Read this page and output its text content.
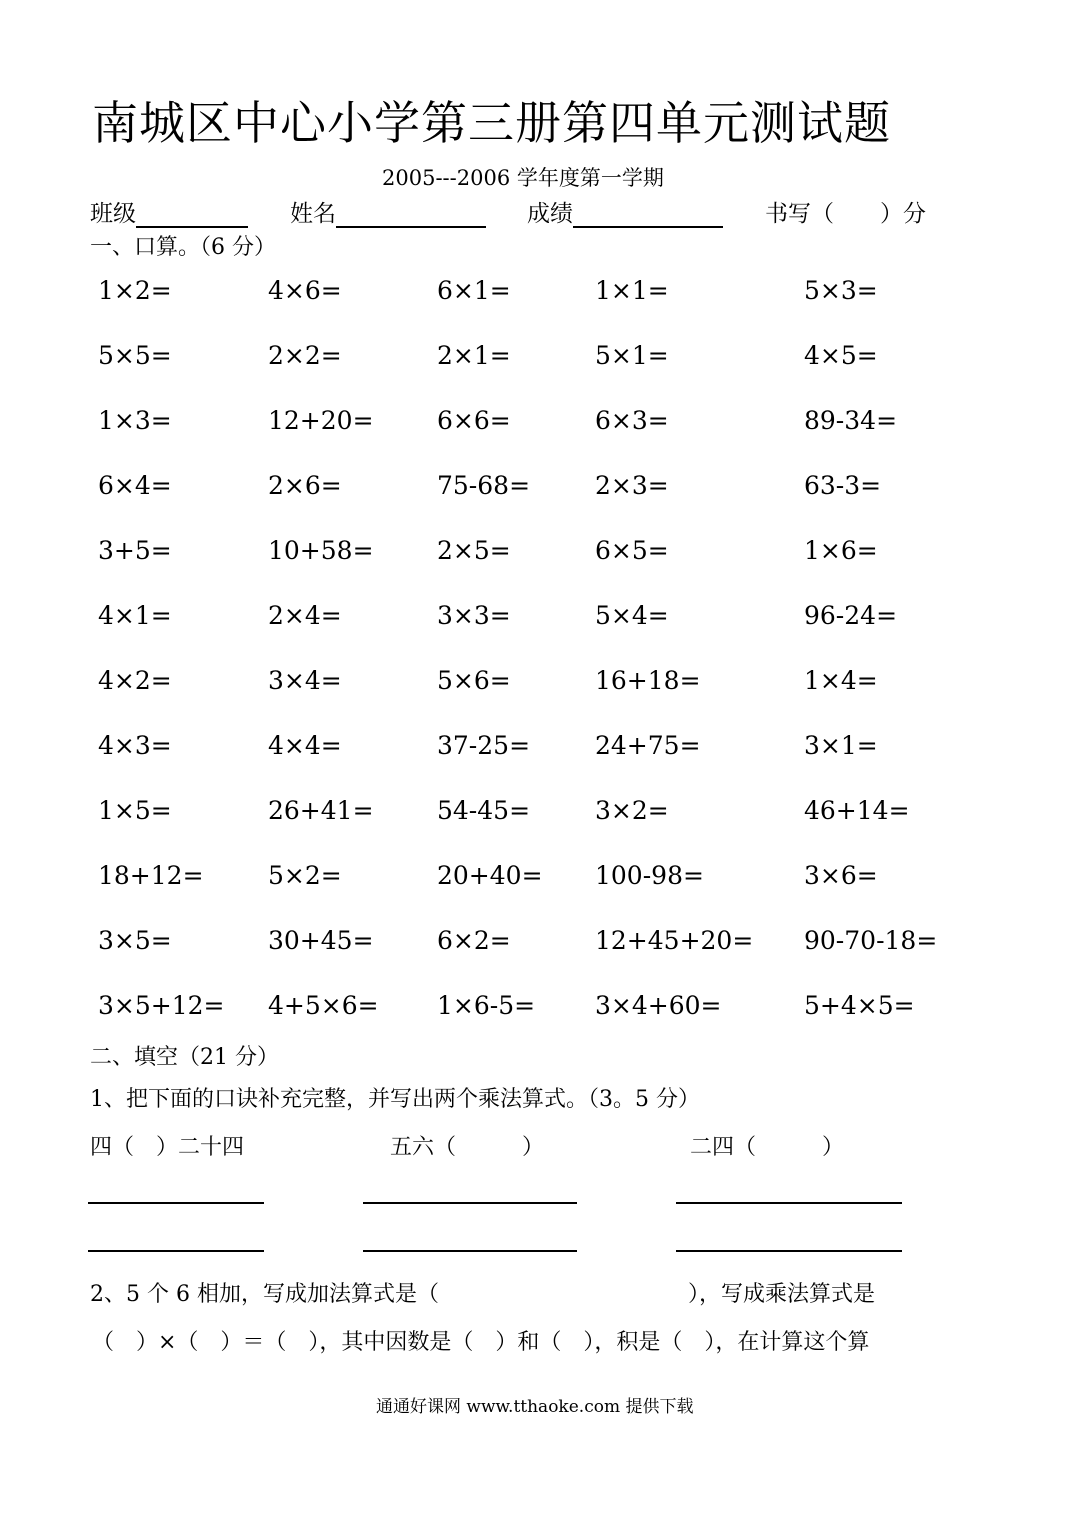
南城区中心小学第三册第四单元测试题
2005---2006 学年度第一学期
班级	姓名	成绩	书写（　　）分
一、口算。（6 分）
1×2=	4×6=	6×1=	1×1=	5×3=
5×5=	2×2=	2×1=	5×1=	4×5=
1×3=	12+20=	6×6=	6×3=	89-34=
6×4=	2×6=	75-68=	2×3=	63-3=
3+5=	10+58=	2×5=	6×5=	1×6=
4×1=	2×4=	3×3=	5×4=	96-24=
4×2=	3×4=	5×6=	16+18=	1×4=
4×3=	4×4=	37-25=	24+75=	3×1=
1×5=	26+41=	54-45=	3×2=	46+14=
18+12=	5×2=	20+40= 100-98=	3×6=
3×5=	30+45=	6×2=	12+45+20= 90-70-18=
3×5+12= 4+5×6= 1×6-5= 3×4+60=	5+4×5=
二、填空（21 分）
1、把下面的口诀补充完整，并写出两个乘法算式。（3。5 分）
四（　）二十四	五六（　　　）	二四（　　　）
2、5 个 6 相加，写成加法算式是（	），写成乘法算式是
（　）×（　）＝（　），其中因数是（　）和（　），积是（　），在计算这个算
通通好课网 www.tthaoke.com 提供下载
